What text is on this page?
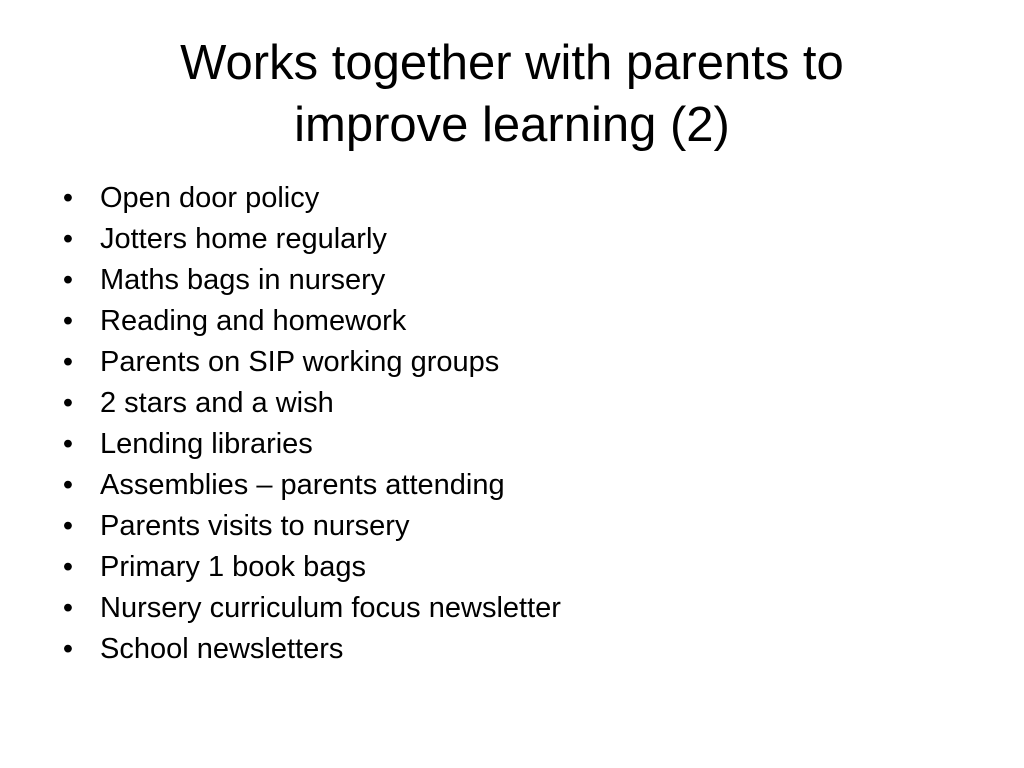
Works together with parents to
improve learning (2)
• Open door policy
• Jotters home regularly
• Maths bags in nursery
• Reading and homework
• Parents on SIP working groups
• 2 stars and a wish
• Lending libraries
• Assemblies – parents attending
• Parents visits to nursery
• Primary 1 book bags
• Nursery curriculum focus newsletter
• School newsletters
